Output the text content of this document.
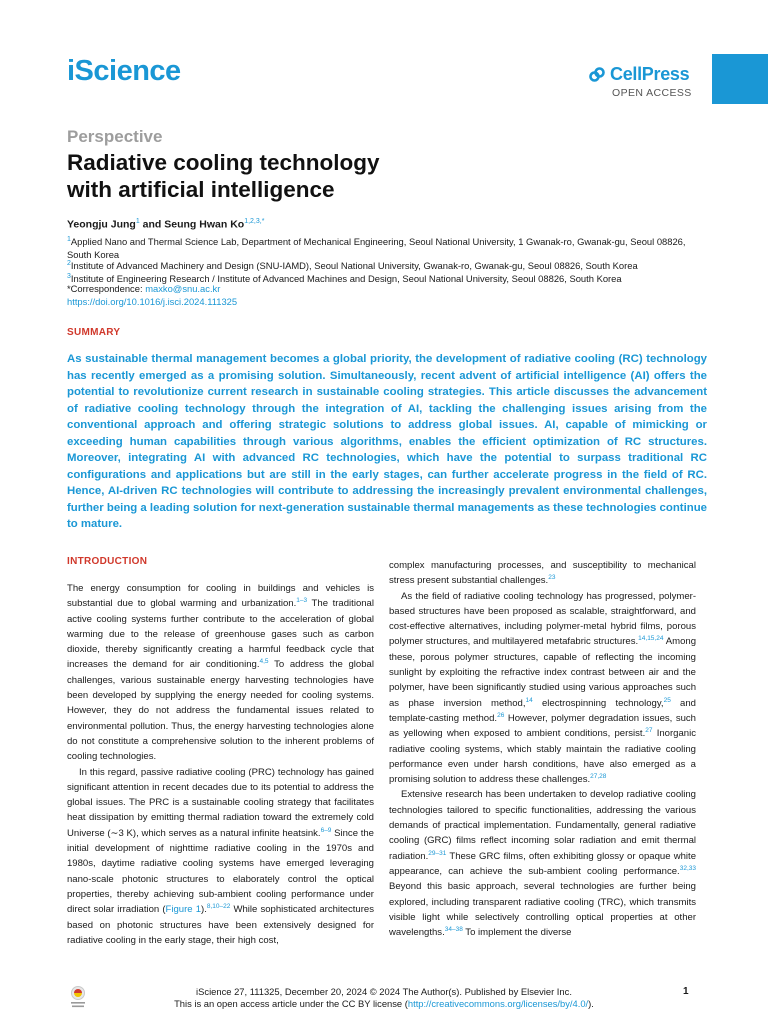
iScience	CellPress
OPEN ACCESS
Perspective
Radiative cooling technology
with artificial intelligence
Yeongju Jung$^1$ and Seung Hwan $Ko^{1,2,3,*}$
$^1$Applied Nano and Thermal Science Lab, Department of Mechanical Engineering, Seoul National University, 1 Gwanak-ro, Gwanak-gu, Seoul 08826, South Korea
$^2$Institute of Advanced Machinery and Design (SNU-IAMD), Seoul National University, Gwanak-ro, Gwanak-gu, Seoul 08826, South Korea
$^3$Institute of Engineering Research / Institute of Advanced Machines and Design, Seoul National University, Seoul 08826, South Korea
*Correspondence: maxko@snu.ac.kr
https://doi.org/10.1016/j.isci.2024.111325
SUMMARY

As sustainable thermal management becomes a global priority, the development of radiative cooling (RC) technology has recently emerged as a promising solution. Simultaneously, recent advent of artificial intelligence (AI) offers the potential to revolutionize current research in sustainable cooling strategies. This article discusses the advancement of radiative cooling technology through the integration of AI, tackling the challenging issues arising from the conventional approach and offering strategic solutions to address global issues. AI, capable of mimicking or exceeding human capabilities through various algorithms, enables the efficient optimization of RC structures. Moreover, integrating AI with advanced RC technologies, which have the potential to surpass traditional RC configurations and applications but are still in the early stages, can further accelerate progress in the field of RC. Hence, AI-driven RC technologies will contribute to addressing the increasingly prevalent environmental challenges, further being a leading solution for next-generation sustainable thermal managements as these technologies continue to mature.

INTRODUCTION

The energy consumption for cooling in buildings and vehicles is substantial due to global warming and urbanization.$^{1-3}$ The traditional active cooling systems further contribute to the acceleration of global warming due to the release of greenhouse gases such as carbon dioxide, thereby significantly creating a harmful feedback cycle that increases the demand for air conditioning.$^{4,5}$ To address the global challenges, various sustainable energy harvesting technologies have been developed by supplying the energy needed for cooling systems. However, they do not address the fundamental issues related to environmental pollution. Thus, the energy harvesting technologies alone do not constitute a comprehensive solution to the inherent problems of cooling technologies.

In this regard, passive radiative cooling (PRC) technology has gained significant attention in recent decades due to its potential to address the global issues. The PRC is a sustainable cooling strategy that facilitates heat dissipation by emitting thermal radiation toward the extremely cold Universe (∼3 K), which serves as a natural infinite heatsink.$^{6-9}$ Since the initial development of nighttime radiative cooling in the 1970s and 1980s, daytime radiative cooling systems have emerged leveraging nano-scale photonic structures to elaborately control the optical properties, thereby achieving sub-ambient cooling performance under direct solar irradiation (Figure 1).$^{8,10-22}$ While sophisticated architectures based on photonic structures have been extensively designed for radiative cooling in the early stage, their high cost,

complex manufacturing processes, and susceptibility to mechanical stress present substantial challenges.$^{23}$

As the field of radiative cooling technology has progressed, polymer-based structures have been proposed as scalable, straightforward, and cost-effective alternatives, including polymer-metal hybrid films, porous polymer structures, and multilayered metafabric structures.$^{14,15,24}$ Among these, porous polymer structures, capable of reflecting the incoming sunlight by exploiting the refractive index contrast between air and the polymer, have been significantly studied using various approaches such as phase inversion method,$^{14}$ electrospinning technology,$^{25}$ and template-casting method.$^{26}$ However, polymer degradation issues, such as yellowing when exposed to ambient conditions, persist.$^{27}$ Inorganic radiative cooling systems, which stably maintain the radiative cooling performance even under harsh conditions, have also emerged as a promising solution to address these challenges.$^{27,28}$

Extensive research has been undertaken to develop radiative cooling technologies tailored to specific functionalities, addressing the various demands of practical implementation. Fundamentally, general radiative cooling (GRC) films reflect incoming solar radiation and emit thermal radiation.$^{29-31}$ These GRC films, often exhibiting glossy or opaque white appearance, can achieve the sub-ambient cooling performance.$^{32,33}$ Beyond this basic approach, several technologies are further being explored, including transparent radiative cooling (TRC), which transmits visible light while selectively controlling optical properties at other wavelengths.$^{34-38}$ To implement the diverse

iScience 27, 111325, December 20, 2024 © 2024 The Author(s). Published by Elsevier Inc.
This is an open access article under the CC BY license (http://creativecommons.org/licenses/by/4.0/).
1
